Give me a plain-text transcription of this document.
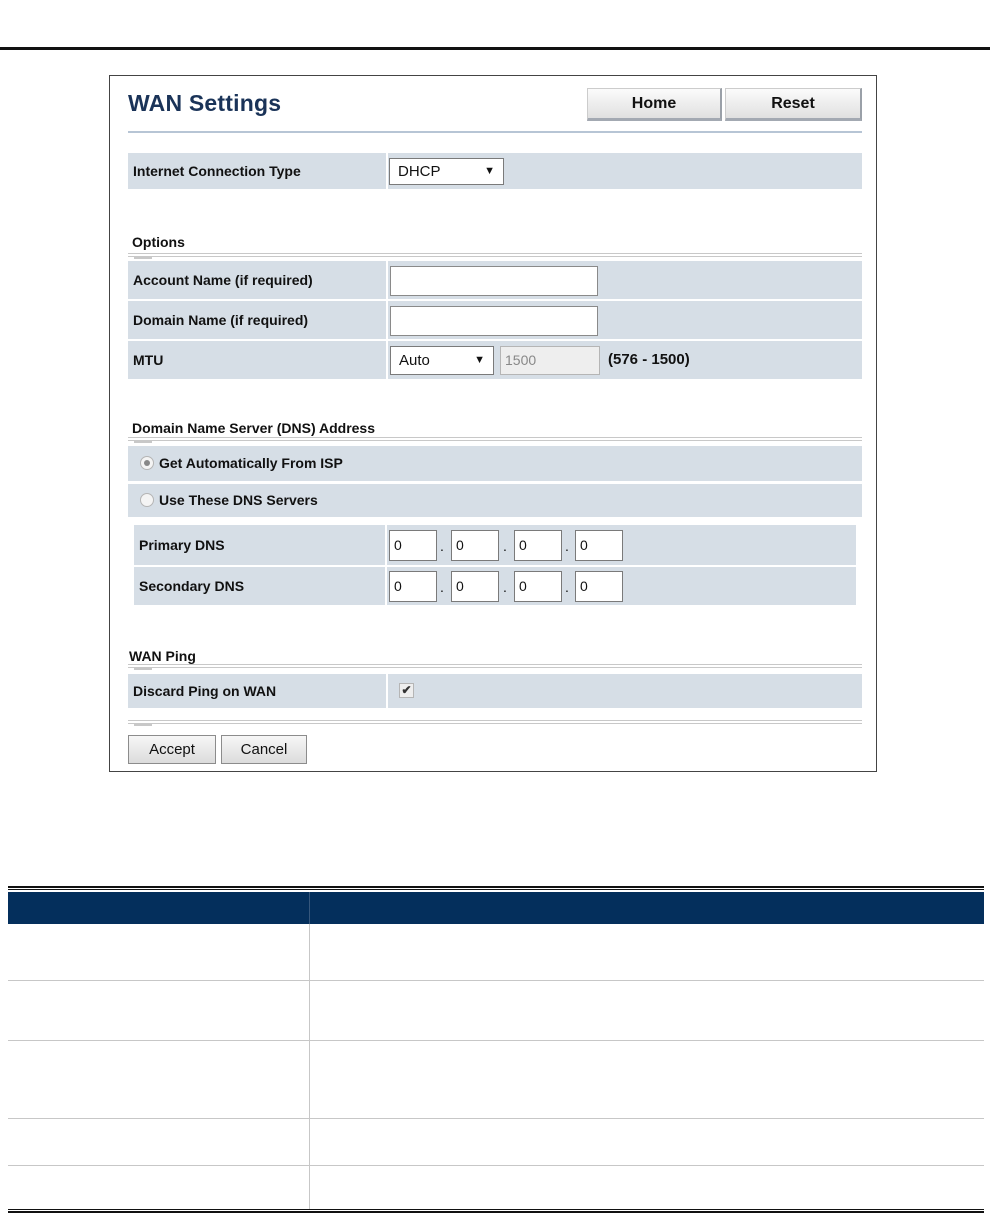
WAN Settings	Home	Reset
Internet Connection Type	DHCP	▼
Options
Account Name (if required)
Domain Name (if required)
MTU	Auto	▼	1500	(576 - 1500)
Domain Name Server (DNS) Address
Get Automatically From ISP
Use These DNS Servers
Primary DNS	0	. 0	. 0	. 0
Secondary DNS	0	. 0	. 0	. 0
WAN Ping
Discard Ping on WAN	✔
Accept	Cancel
